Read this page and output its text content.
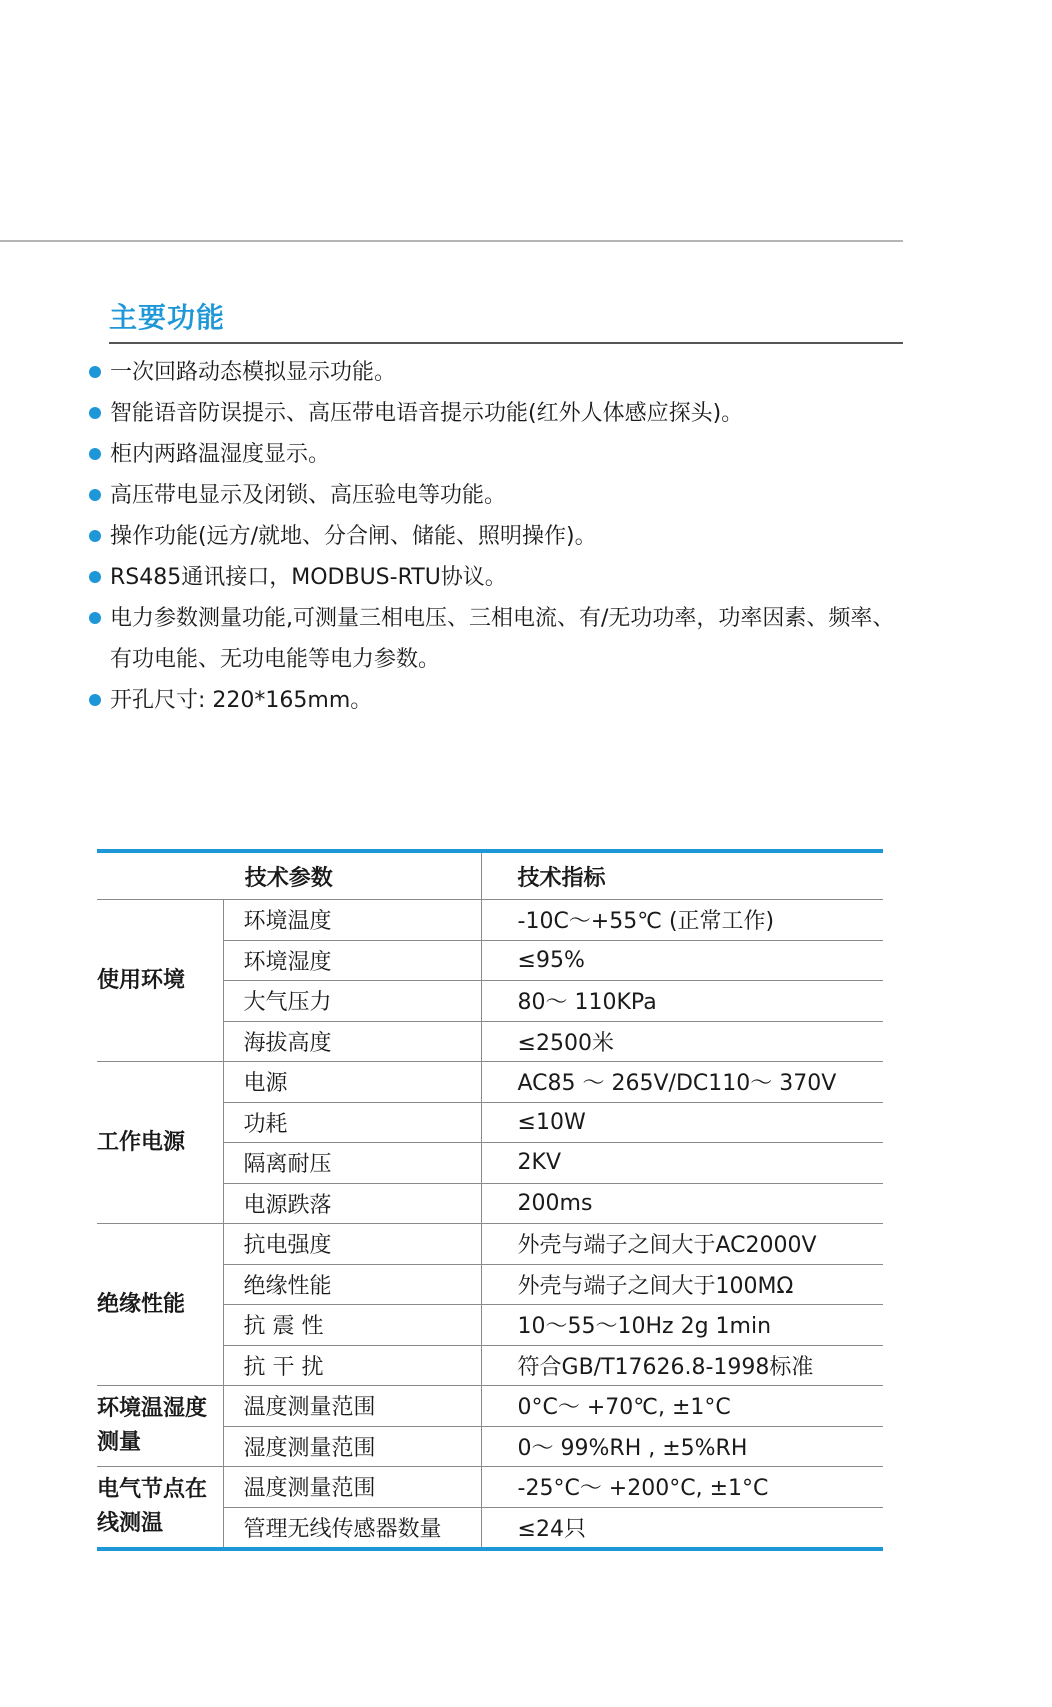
主要功能
一次回路动态模拟显示功能。
智能语音防误提示、高压带电语音提示功能(红外人体感应探头)。
柜内两路温湿度显示。
高压带电显示及闭锁、高压验电等功能。
操作功能(远方/就地、分合闸、储能、照明操作)。
RS485通讯接口，MODBUS-RTU协议。
电力参数测量功能,可测量三相电压、三相电流、有/无功功率，功率因素、频率、有功电能、无功电能等电力参数。
开孔尺寸: 220*165mm。
技术参数		技术指标
使用环境	环境温度	-10C～+55℃ (正常工作)
	环境湿度	≤95%
	大气压力	80～ 110KPa
	海拔高度	≤2500米
工作电源	电源	AC85 ～ 265V/DC110～ 370V
	功耗	≤10W
	隔离耐压	2KV
	电源跌落	200ms
绝缘性能	抗电强度	外壳与端子之间大于AC2000V
	绝缘性能	外壳与端子之间大于100MΩ
	抗 震 性	10～55～10Hz 2g 1min
	抗 干 扰	符合GB/T17626.8-1998标准
环境温湿度测量	温度测量范围	0°C～ +70℃, ±1°C
	湿度测量范围	0～ 99%RH , ±5%RH
电气节点在线测温	温度测量范围	-25°C～ +200°C, ±1°C
	管理无线传感器数量	≤24只
